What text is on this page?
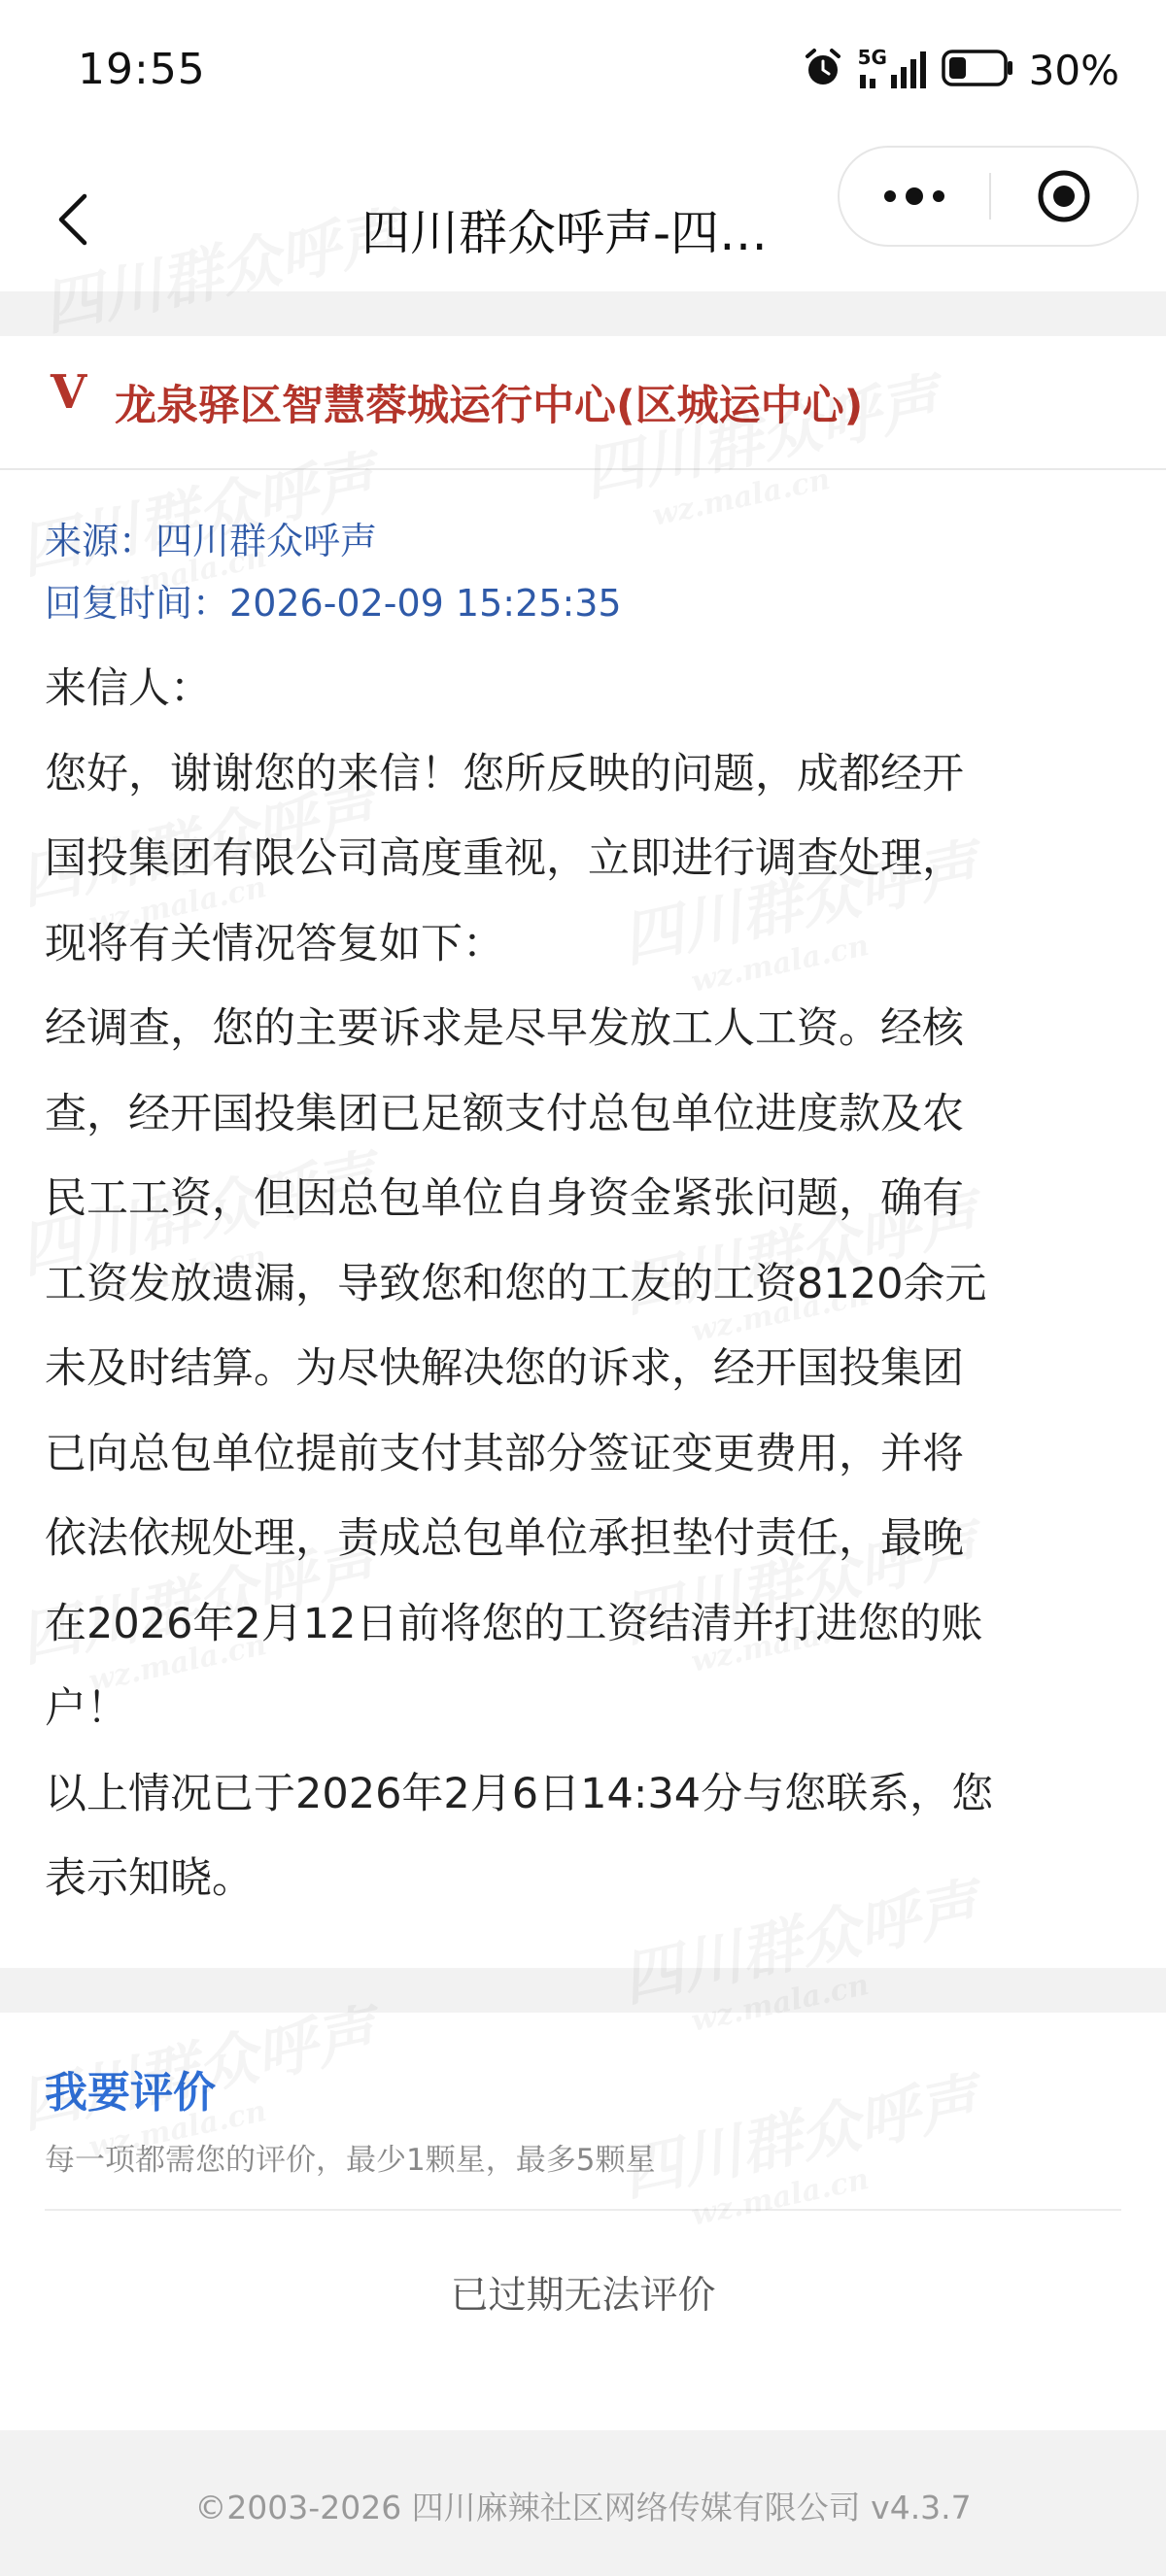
19:55	5G	30%
四川群众呼声-四…
V 龙泉驿区智慧蓉城运行中心(区城运中心)
来源：四川群众呼声
回复时间：2026-02-09 15:25:35

来信人：

您好，谢谢您的来信！您所反映的问题，成都经开

国投集团有限公司高度重视，立即进行调查处理，

现将有关情况答复如下：

经调查，您的主要诉求是尽早发放工人工资。经核

查，经开国投集团已足额支付总包单位进度款及农

民工工资，但因总包单位自身资金紧张问题，确有

工资发放遗漏，导致您和您的工友的工资8120余元

未及时结算。为尽快解决您的诉求，经开国投集团

已向总包单位提前支付其部分签证变更费用，并将

依法依规处理，责成总包单位承担垫付责任，最晚

在2026年2月12日前将您的工资结清并打进您的账

户！

以上情况已于2026年2月6日14:34分与您联系，您

表示知晓。

我要评价
每一项都需您的评价，最少1颗星，最多5颗星
已过期无法评价
©2003-2026 四川麻辣社区网络传媒有限公司 v4.3.7
